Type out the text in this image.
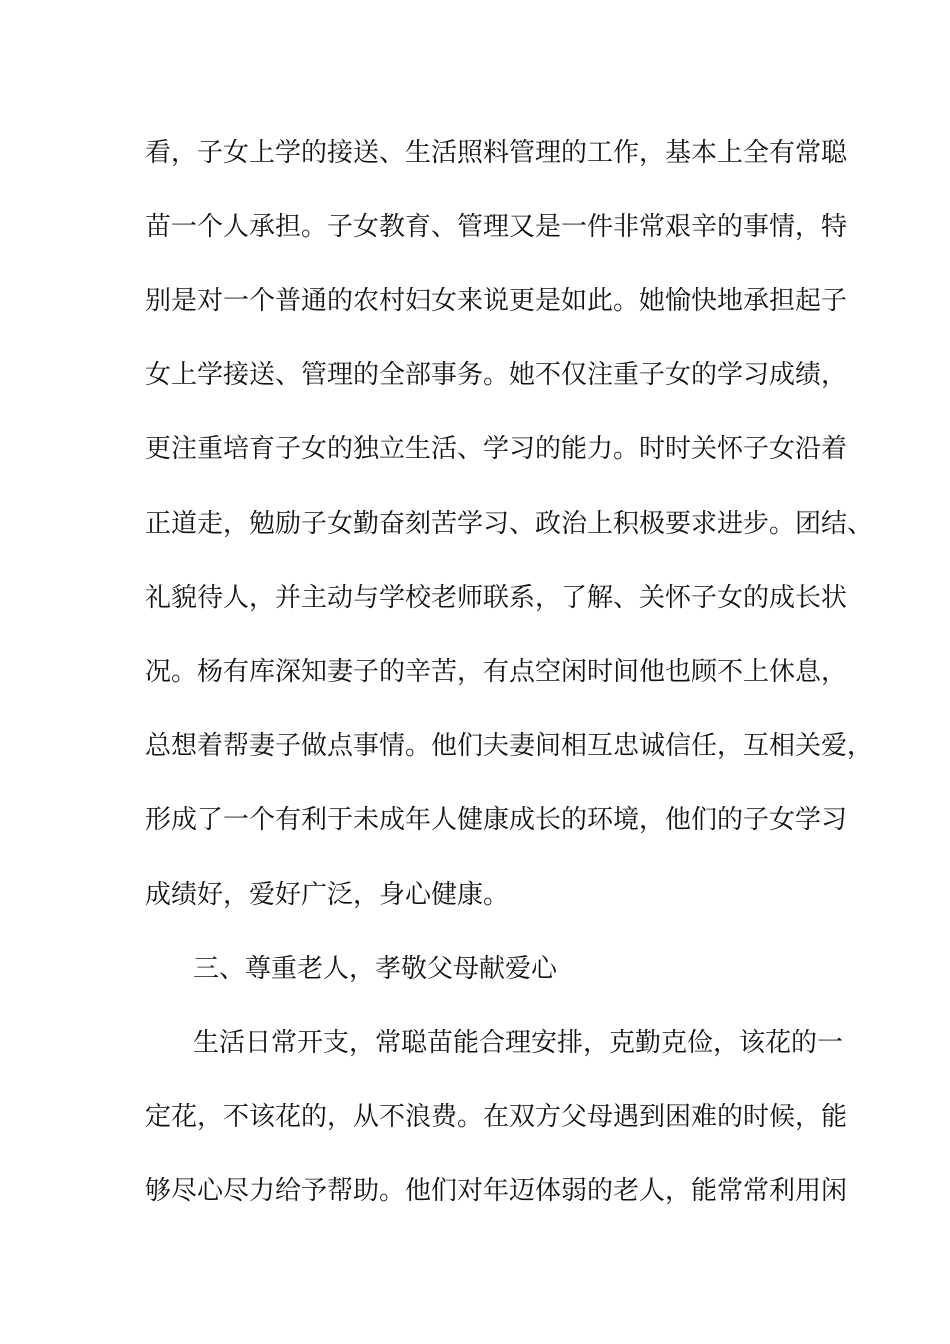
看，子女上学的接送、生活照料管理的工作，基本上全有常聪
苗一个人承担。子女教育、管理又是一件非常艰辛的事情，特
别是对一个普通的农村妇女来说更是如此。她愉快地承担起子
女上学接送、管理的全部事务。她不仅注重子女的学习成绩，
更注重培育子女的独立生活、学习的能力。时时关怀子女沿着
正道走，勉励子女勤奋刻苦学习、政治上积极要求进步。团结、
礼貌待人，并主动与学校老师联系，了解、关怀子女的成长状
况。杨有库深知妻子的辛苦，有点空闲时间他也顾不上休息，
总想着帮妻子做点事情。他们夫妻间相互忠诚信任，互相关爱，
形成了一个有利于未成年人健康成长的环境，他们的子女学习
成绩好，爱好广泛，身心健康。
三、尊重老人，孝敬父母献爱心
生活日常开支，常聪苗能合理安排，克勤克俭，该花的一
定花，不该花的，从不浪费。在双方父母遇到困难的时候，能
够尽心尽力给予帮助。他们对年迈体弱的老人，能常常利用闲
